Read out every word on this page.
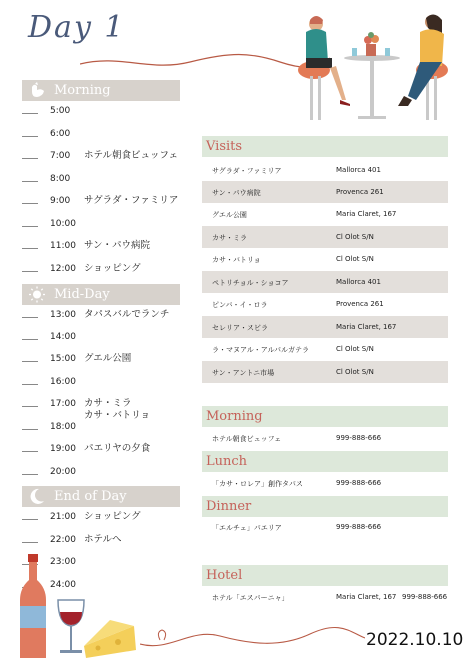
Day 1
Morning
Mid-Day
End of Day
5:00
6:00
7:00 ホテル朝食ビュッフェ
8:00
9:00 サグラダ・ファミリア
10:00
11:00 サン・パウ病院
12:00 ショッピング
13:00 タパスバルでランチ
14:00
15:00 グエル公園
16:00
17:00 カサ・ミラ
カサ・バトリョ
18:00
19:00 パエリヤの夕食
20:00
21:00 ショッピング
22:00 ホテルへ
23:00
24:00
Visits
サグラダ・ファミリア	Mallorca 401
サン・パウ病院	Provenca 261
グエル公園	Maria Claret, 167
カサ・ミラ	Cl Olot S/N
カサ・バトリョ	Cl Olot S/N
ペトリチョル・ショコア	Mallorca 401
ピンバ・イ・ロラ	Provenca 261
セレリア・スビラ	Maria Claret, 167
ラ・マヌアル・アルパルガテラ	Cl Olot S/N
サン・アントニ市場	Cl Olot S/N
Morning
ホテル朝食ビュッフェ	999-888-666
Lunch
「カサ・ロレア」創作タパス	999-888-666
Dinner
「エルチェ」パエリア	999-888-666
Hotel
ホテル「エスパーニャ」	Maria Claret, 167 999-888-666
2022.10.10
